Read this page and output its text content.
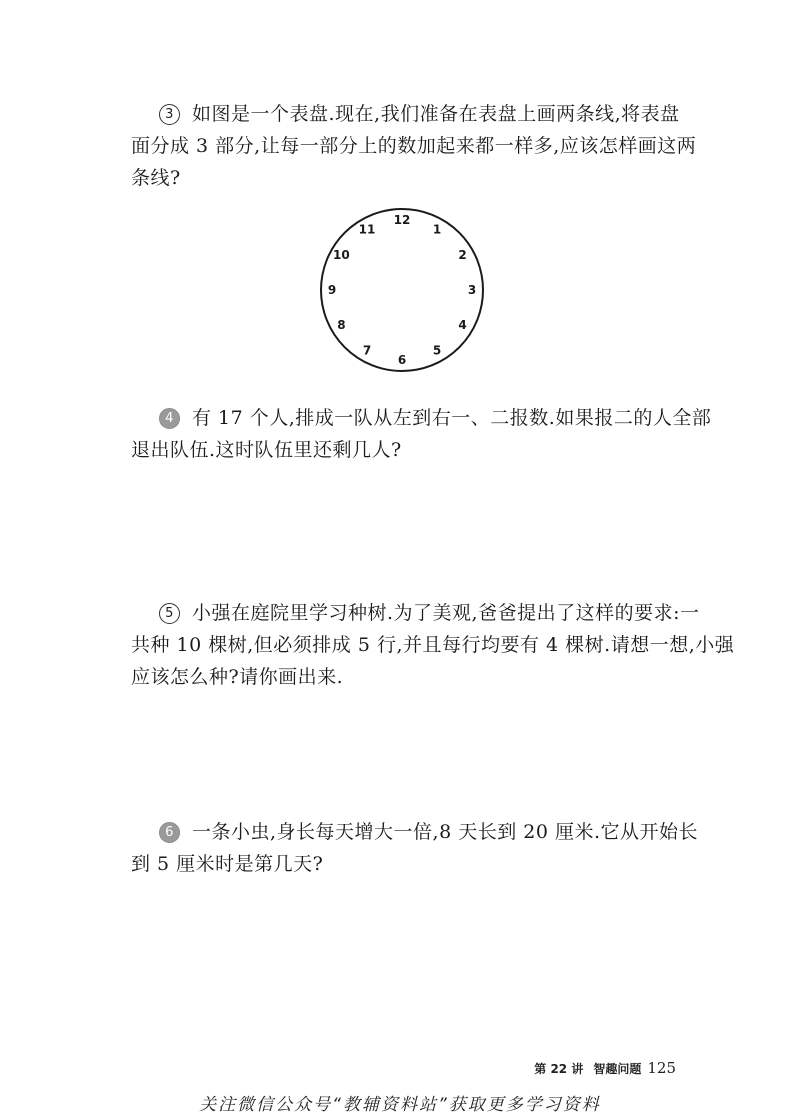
3 如图是一个表盘.现在,我们准备在表盘上画两条线,将表盘
面分成 3 部分,让每一部分上的数加起来都一样多,应该怎样画这两
条线?
12
1
2
3
4
5
6
7
8
9
10
11
4 有 17 个人,排成一队从左到右一、二报数.如果报二的人全部
退出队伍.这时队伍里还剩几人?
5 小强在庭院里学习种树.为了美观,爸爸提出了这样的要求:一
共种 10 棵树,但必须排成 5 行,并且每行均要有 4 棵树.请想一想,小强
应该怎么种?请你画出来.
6 一条小虫,身长每天增大一倍,8 天长到 20 厘米.它从开始长
到 5 厘米时是第几天?
第 22 讲 智趣问题 125
关注微信公众号“教辅资料站”获取更多学习资料
